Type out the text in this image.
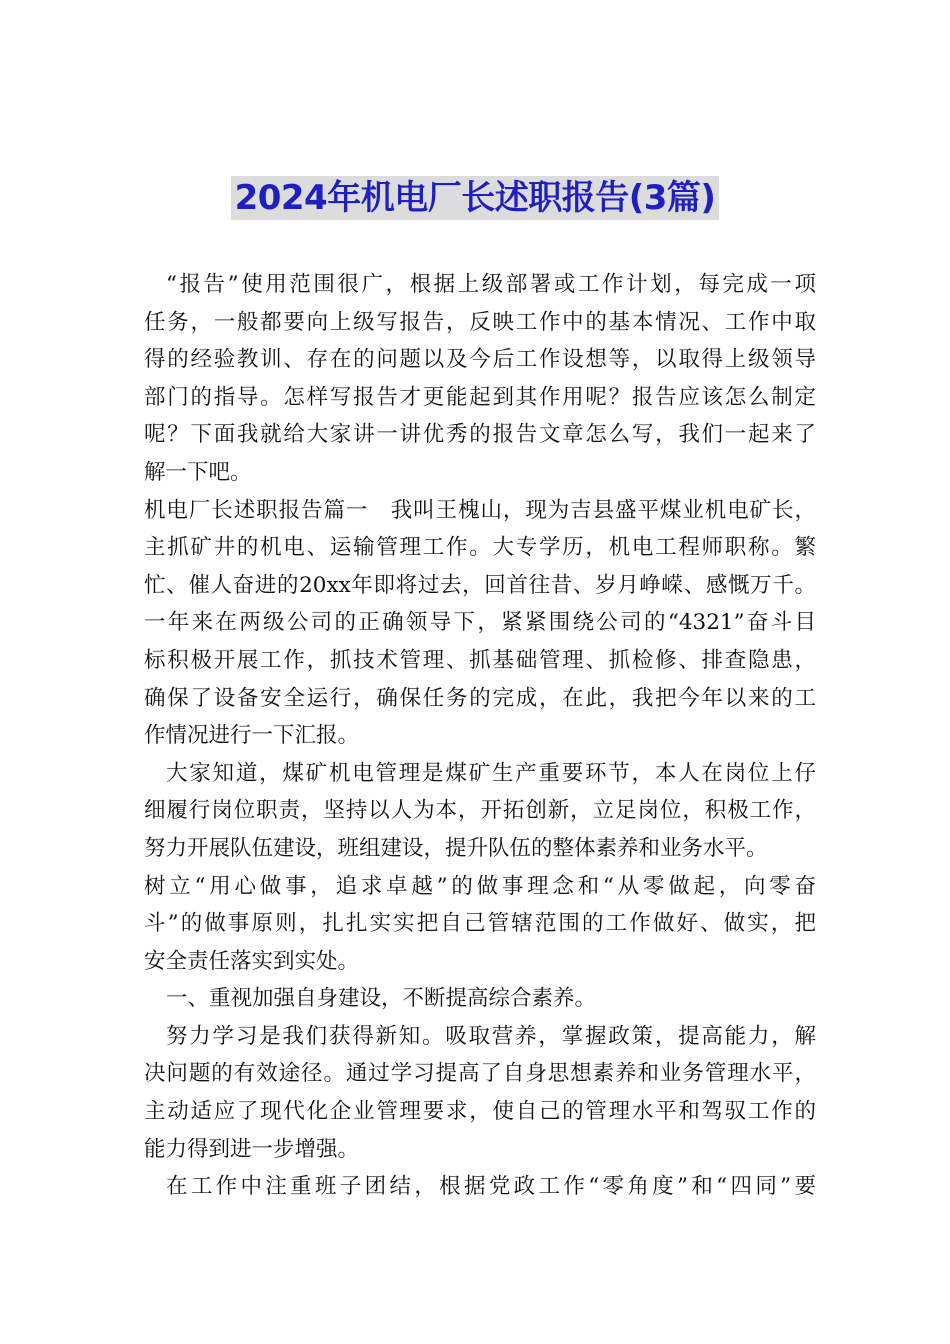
2024年机电厂长述职报告(3篇)
“报告”使用范围很广，根据上级部署或工作计划，每完成一项
任务，一般都要向上级写报告，反映工作中的基本情况、工作中取
得的经验教训、存在的问题以及今后工作设想等，以取得上级领导
部门的指导。怎样写报告才更能起到其作用呢？报告应该怎么制定
呢？下面我就给大家讲一讲优秀的报告文章怎么写，我们一起来了
解一下吧。
机电厂长述职报告篇一　我叫王槐山，现为吉县盛平煤业机电矿长，
主抓矿井的机电、运输管理工作。大专学历，机电工程师职称。繁
忙、催人奋进的20xx年即将过去，回首往昔、岁月峥嵘、感慨万千。
一年来在两级公司的正确领导下，紧紧围绕公司的“4321”奋斗目
标积极开展工作，抓技术管理、抓基础管理、抓检修、排查隐患，
确保了设备安全运行，确保任务的完成，在此，我把今年以来的工
作情况进行一下汇报。
大家知道，煤矿机电管理是煤矿生产重要环节，本人在岗位上仔
细履行岗位职责，坚持以人为本，开拓创新，立足岗位，积极工作，
努力开展队伍建设，班组建设，提升队伍的整体素养和业务水平。
树立“用心做事，追求卓越”的做事理念和“从零做起，向零奋
斗”的做事原则，扎扎实实把自己管辖范围的工作做好、做实，把
安全责任落实到实处。
一、重视加强自身建设，不断提高综合素养。
努力学习是我们获得新知。吸取营养，掌握政策，提高能力，解
决问题的有效途径。通过学习提高了自身思想素养和业务管理水平，
主动适应了现代化企业管理要求，使自己的管理水平和驾驭工作的
能力得到进一步增强。
在工作中注重班子团结，根据党政工作“零角度”和“四同”要
